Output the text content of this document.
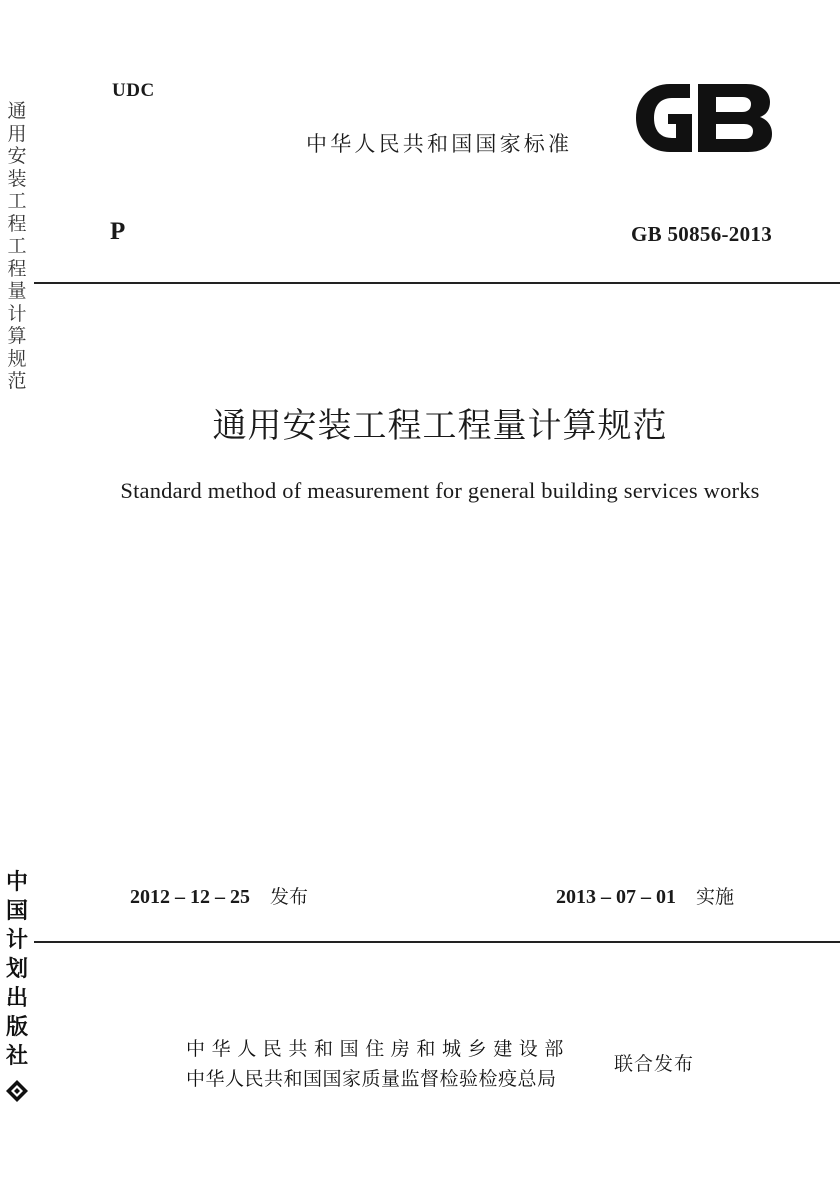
通用安装工程工程量计算规范
中国计划出版社
UDC
中华人民共和国国家标准
P	GB 50856-2013
通用安装工程工程量计算规范
Standard method of measurement for general building services works
2012 – 12 – 25 发布	2013 – 07 – 01 实施
中华人民共和国住房和城乡建设部
中华人民共和国国家质量监督检验检疫总局
联合发布
